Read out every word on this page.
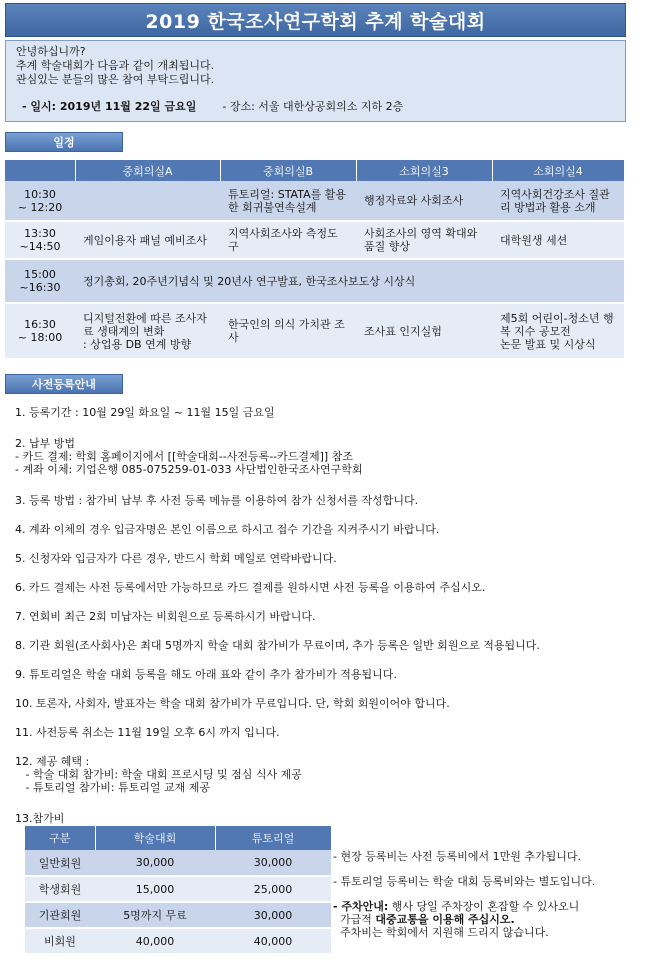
2019 한국조사연구학회 추계 학술대회
안녕하십니까?
추계 학술대회가 다음과 같이 개최됩니다.
관심있는 분들의 많은 참여 부탁드립니다.
- 일시: 2019년 11월 22일 금요일 - 장소: 서울 대한상공회의소 지하 2층
일정
	중회의실A	중회의실B	소회의실3	소회의실4
10:30
~ 12:20		튜토리얼: STATA를 활용한 회귀불연속설계	행정자료와 사회조사	지역사회건강조사 질관리 방법과 활용 소개
13:30
~14:50	게임이용자 패널 예비조사	지역사회조사와 측정도구	사회조사의 영역 확대와 품질 향상	대학원생 세션
15:00
~16:30	정기총회, 20주년기념식 및 20년사 연구발표, 한국조사보도상 시상식			
16:30
~ 18:00	디지털전환에 따른 조사자료 생태계의 변화
: 상업용 DB 연계 방향	한국인의 의식 가치관 조사	조사표 인지실험	제5회 어린이-청소년 행복 지수 공모전
논문 발표 및 시상식
사전등록안내
1. 등록기간 : 10월 29일 화요일 ~ 11월 15일 금요일
2. 납부 방법
- 카드 결제: 학회 홈페이지에서 [[학술대회--사전등록--카드결제]] 참조
- 계좌 이체: 기업은행 085-075259-01-033 사단법인한국조사연구학회
3. 등록 방법 : 참가비 납부 후 사전 등록 메뉴를 이용하여 참가 신청서를 작성합니다.
4. 계좌 이체의 경우 입금자명은 본인 이름으로 하시고 접수 기간을 지켜주시기 바랍니다.
5. 신청자와 입금자가 다른 경우, 반드시 학회 메일로 연락바랍니다.
6. 카드 결제는 사전 등록에서만 가능하므로 카드 결제를 원하시면 사전 등록을 이용하여 주십시오.
7. 연회비 최근 2회 미납자는 비회원으로 등록하시기 바랍니다.
8. 기관 회원(조사회사)은 최대 5명까지 학술 대회 참가비가 무료이며, 추가 등록은 일반 회원으로 적용됩니다.
9. 튜토리얼은 학술 대회 등록을 해도 아래 표와 같이 추가 참가비가 적용됩니다.
10. 토론자, 사회자, 발표자는 학술 대회 참가비가 무료입니다. 단, 학회 회원이어야 합니다.
11. 사전등록 취소는 11월 19일 오후 6시 까지 입니다.
12. 제공 혜택 :
- 학술 대회 참가비: 학술 대회 프로시딩 및 점심 식사 제공
- 튜토리얼 참가비: 튜토리얼 교재 제공
13.참가비
구분	학술대회	튜토리얼
일반회원	30,000	30,000
학생회원	15,000	25,000
기관회원	5명까지 무료	30,000
비회원	40,000	40,000

- 현장 등록비는 사전 등록비에서 1만원 추가됩니다.

- 튜토리얼 등록비는 학술 대회 등록비와는 별도입니다.

- 주차안내: 행사 당일 주차장이 혼잡할 수 있사오니

가급적 대중교통을 이용해 주십시오.

주차비는 학회에서 지원해 드리지 않습니다.
